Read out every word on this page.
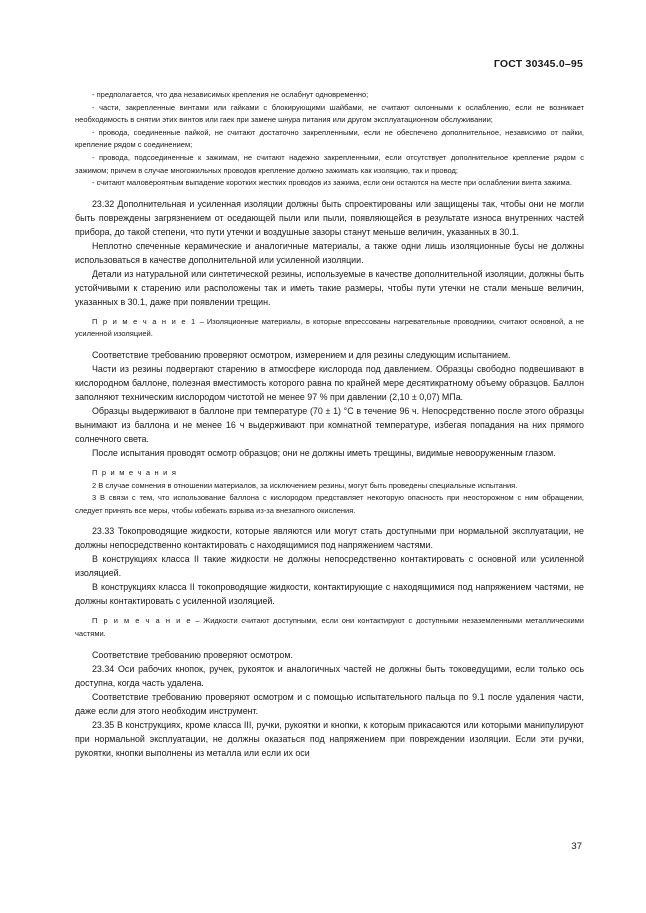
ГОСТ 30345.0–95

- предполагается, что два независимых крепления не ослабнут одновременно;

- части, закрепленные винтами или гайками с блокирующими шайбами, не считают склонными к ослаблению, если не возникает необходимость в снятии этих винтов или гаек при замене шнура питания или другом эксплуатационном обслуживании;

- провода, соединенные пайкой, не считают достаточно закрепленными, если не обеспечено дополнительное, независимо от пайки, крепление рядом с соединением;

- провода, подсоединенные к зажимам, не считают надежно закрепленными, если отсутствует дополнительное крепление рядом с зажимом; причем в случае многожильных проводов крепление должно зажимать как изоляцию, так и провод;

- считают маловероятным выпадение коротких жестких проводов из зажима, если они остаются на месте при ослаблении винта зажима.

23.32 Дополнительная и усиленная изоляции должны быть спроектированы или защищены так, чтобы они не могли быть повреждены загрязнением от оседающей пыли или пыли, появляющейся в результате износа внутренних частей прибора, до такой степени, что пути утечки и воздушные зазоры станут меньше величин, указанных в 30.1.

Неплотно спеченные керамические и аналогичные материалы, а также одни лишь изоляционные бусы не должны использоваться в качестве дополнительной или усиленной изоляции.

Детали из натуральной или синтетической резины, используемые в качестве дополнительной изоляции, должны быть устойчивыми к старению или расположены так и иметь такие размеры, чтобы пути утечки не стали меньше величин, указанных в 30.1, даже при появлении трещин.

П р и м е ч а н и е 1 – Изоляционные материалы, в которые впрессованы нагревательные проводники, считают основной, а не усиленной изоляцией.

Соответствие требованию проверяют осмотром, измерением и для резины следующим испытанием.

Части из резины подвергают старению в атмосфере кислорода под давлением. Образцы свободно подвешивают в кислородном баллоне, полезная вместимость которого равна по крайней мере десятикратному объему образцов. Баллон заполняют техническим кислородом чистотой не менее 97 % при давлении (2,10 ± 0,07) МПа.

Образцы выдерживают в баллоне при температуре (70 ± 1) °С в течение 96 ч. Непосредственно после этого образцы вынимают из баллона и не менее 16 ч выдерживают при комнатной температуре, избегая попадания на них прямого солнечного света.

После испытания проводят осмотр образцов; они не должны иметь трещины, видимые невооруженным глазом.

П р и м е ч а н и я

2 В случае сомнения в отношении материалов, за исключением резины, могут быть проведены специальные испытания.

3 В связи с тем, что использование баллона с кислородом представляет некоторую опасность при неосторожном с ним обращении, следует принять все меры, чтобы избежать взрыва из-за внезапного окисления.

23.33 Токопроводящие жидкости, которые являются или могут стать доступными при нормальной эксплуатации, не должны непосредственно контактировать с находящимися под напряжением частями.

В конструкциях класса II такие жидкости не должны непосредственно контактировать с основной или усиленной изоляцией.

В конструкциях класса II токопроводящие жидкости, контактирующие с находящимися под напряжением частями, не должны контактировать с усиленной изоляцией.

П р и м е ч а н и е – Жидкости считают доступными, если они контактируют с доступными незаземленными металлическими частями.

Соответствие требованию проверяют осмотром.

23.34 Оси рабочих кнопок, ручек, рукояток и аналогичных частей не должны быть токоведущими, если только ось доступна, когда часть удалена.

Соответствие требованию проверяют осмотром и с помощью испытательного пальца по 9.1 после удаления части, даже если для этого необходим инструмент.

23.35 В конструкциях, кроме класса III, ручки, рукоятки и кнопки, к которым прикасаются или которыми манипулируют при нормальной эксплуатации, не должны оказаться под напряжением при повреждении изоляции. Если эти ручки, рукоятки, кнопки выполнены из металла или если их оси

37
